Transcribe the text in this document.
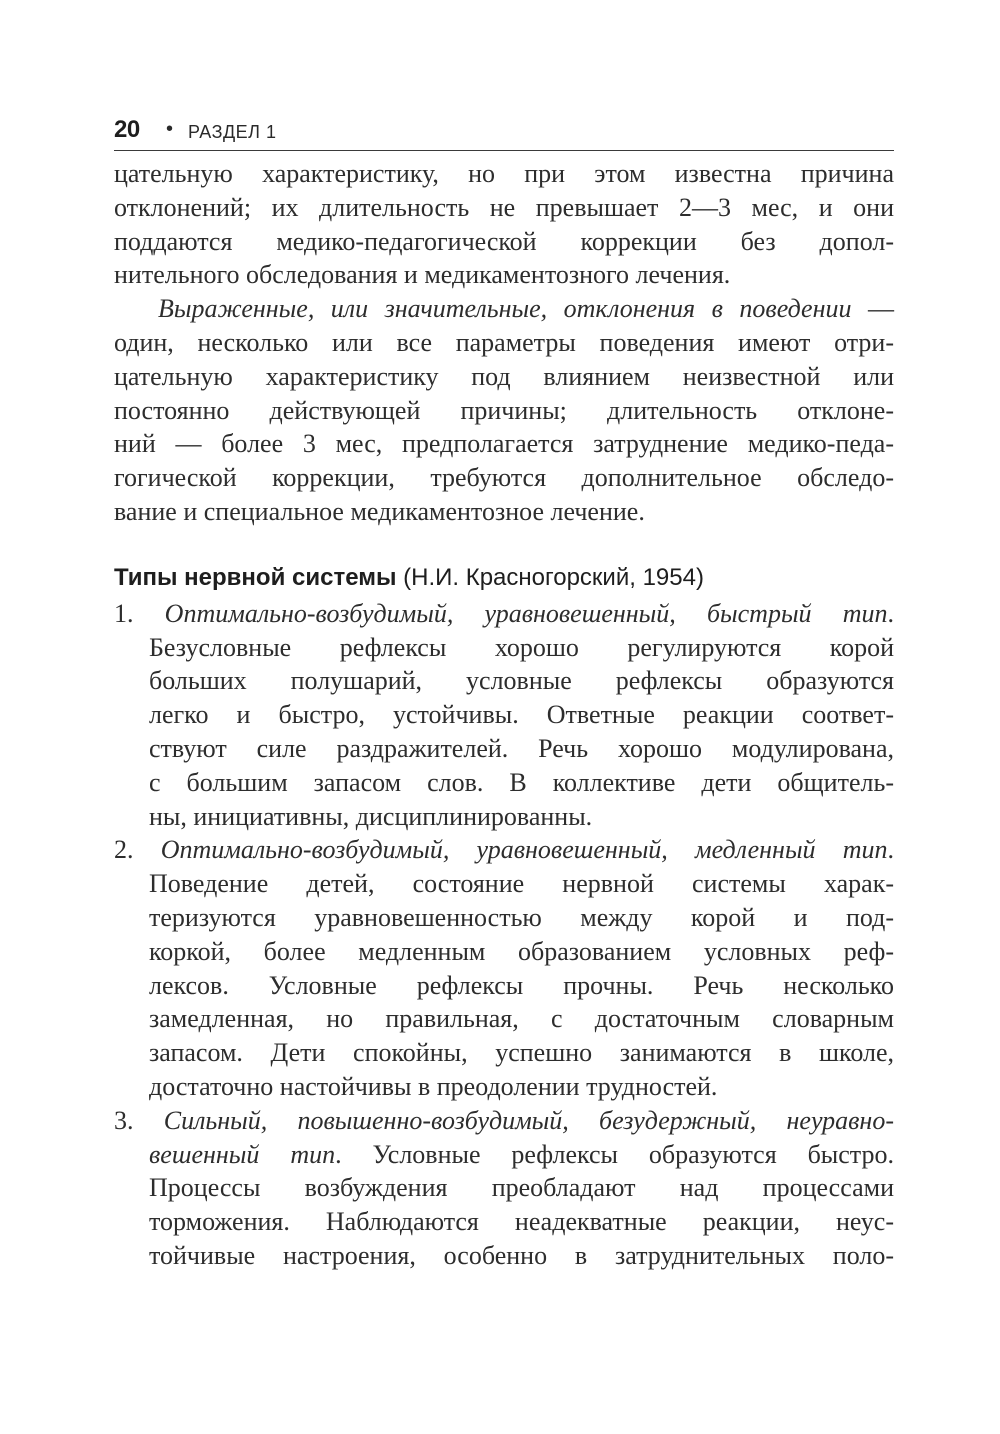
20 • РАЗДЕЛ 1
цательную характеристику, но при этом известна причина
отклонений; их длительность не превышает 2—3 мес, и они
поддаются медико-педагогической коррекции без допол-
нительного обследования и медикаментозного лечения.
Выраженные, или значительные, отклонения в поведении —
один, несколько или все параметры поведения имеют отри-
цательную характеристику под влиянием неизвестной или
постоянно действующей причины; длительность отклоне-
ний — более 3 мес, предполагается затруднение медико-педа-
гогической коррекции, требуются дополнительное обследо-
вание и специальное медикаментозное лечение.
Типы нервной системы (Н.И. Красногорский, 1954)
1. Оптимально-возбудимый, уравновешенный, быстрый тип.
Безусловные рефлексы хорошо регулируются корой
больших полушарий, условные рефлексы образуются
легко и быстро, устойчивы. Ответные реакции соответ-
ствуют силе раздражителей. Речь хорошо модулирована,
с большим запасом слов. В коллективе дети общитель-
ны, инициативны, дисциплинированны.
2. Оптимально-возбудимый, уравновешенный, медленный тип.
Поведение детей, состояние нервной системы харак-
теризуются уравновешенностью между корой и под-
коркой, более медленным образованием условных реф-
лексов. Условные рефлексы прочны. Речь несколько
замедленная, но правильная, с достаточным словарным
запасом. Дети спокойны, успешно занимаются в школе,
достаточно настойчивы в преодолении трудностей.
3. Сильный, повышенно-возбудимый, безудержный, неуравно-
вешенный тип. Условные рефлексы образуются быстро.
Процессы возбуждения преобладают над процессами
торможения. Наблюдаются неадекватные реакции, неус-
тойчивые настроения, особенно в затруднительных поло-
